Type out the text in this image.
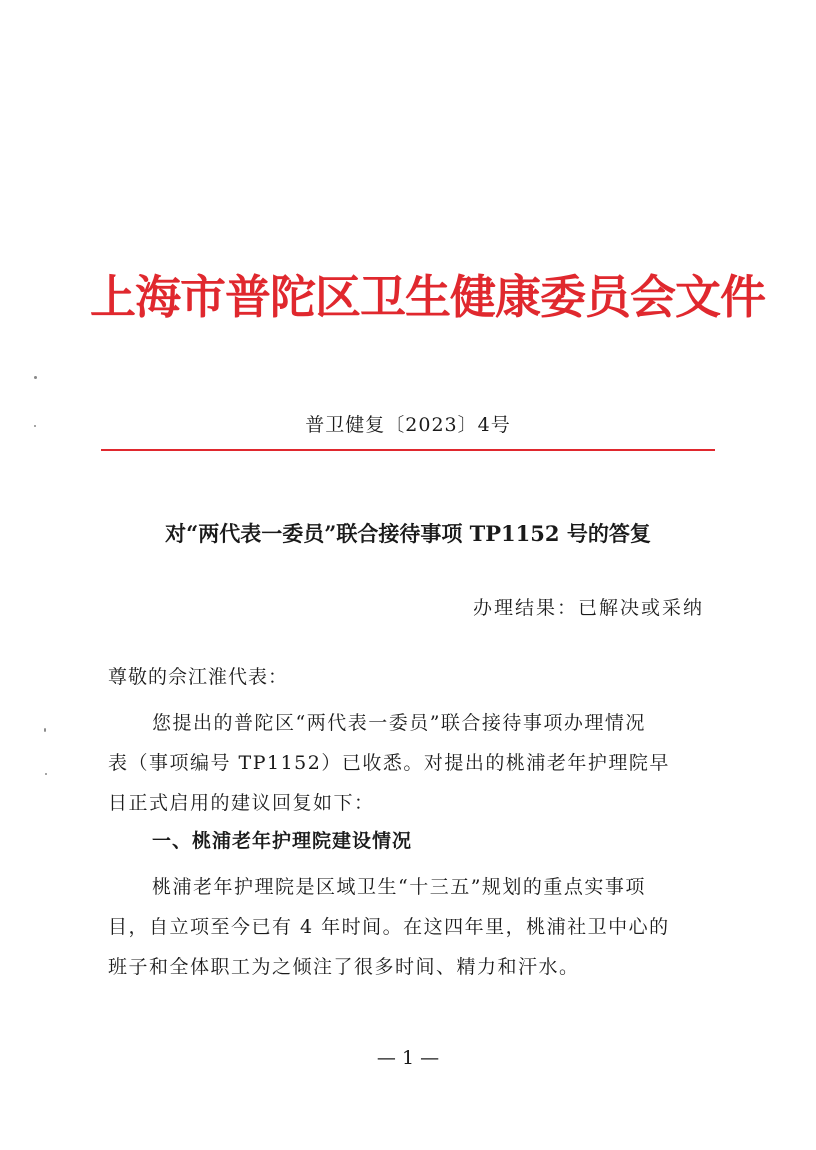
上海市普陀区卫生健康委员会文件
普卫健复〔2023〕4号
对“两代表一委员”联合接待事项 TP1152 号的答复
办理结果：已解决或采纳
尊敬的佘江淮代表：
您提出的普陀区“两代表一委员”联合接待事项办理情况
表（事项编号 TP1152）已收悉。对提出的桃浦老年护理院早
日正式启用的建议回复如下：
一、桃浦老年护理院建设情况
桃浦老年护理院是区域卫生“十三五”规划的重点实事项
目，自立项至今已有 4 年时间。在这四年里，桃浦社卫中心的
班子和全体职工为之倾注了很多时间、精力和汗水。
— 1 —
